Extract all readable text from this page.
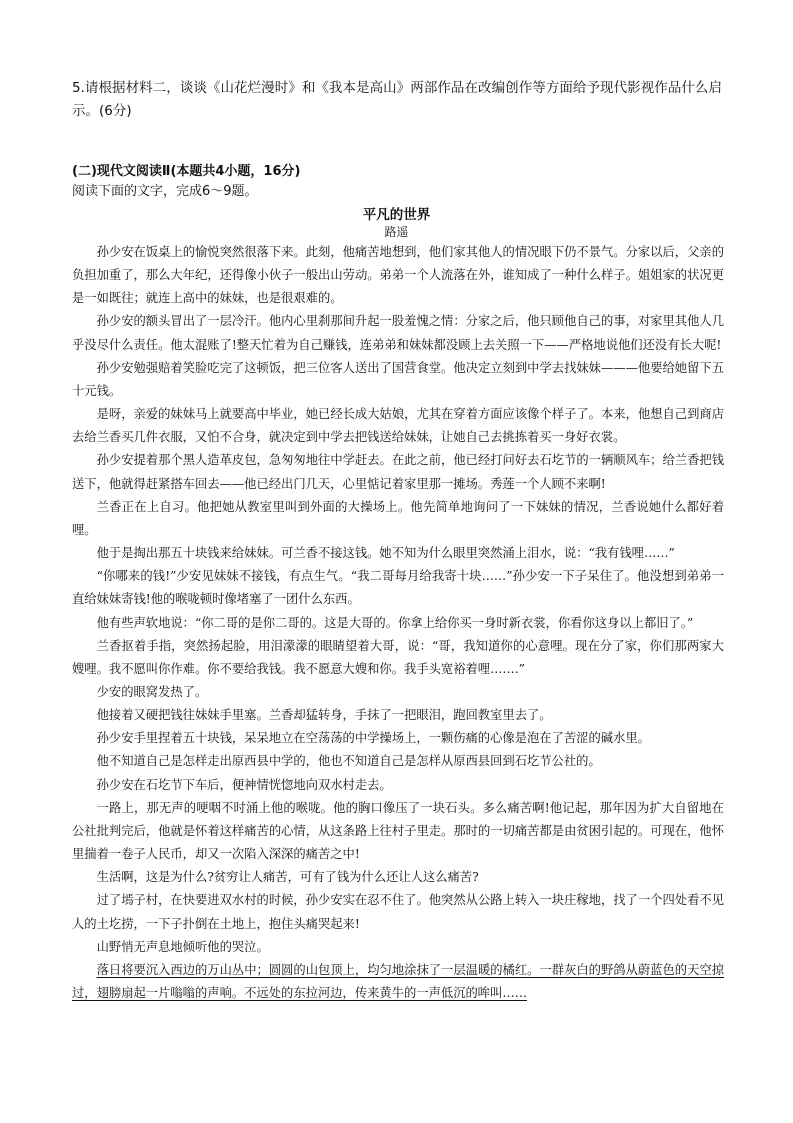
5.请根据材料二，谈谈《山花烂漫时》和《我本是高山》两部作品在改编创作等方面给予现代影视作品什么启示。(6分)
(二)现代文阅读Ⅱ(本题共4小题，16分)
阅读下面的文字，完成6～9题。
平凡的世界
路遥

孙少安在饭桌上的愉悦突然很落下来。此刻，他痛苦地想到，他们家其他人的情况眼下仍不景气。分家以后，父亲的负担加重了，那么大年纪，还得像小伙子一般出山劳动。弟弟一个人流落在外，谁知成了一种什么样子。姐姐家的状况更是一如既往；就连上高中的妹妹，也是很艰难的。

孙少安的额头冒出了一层冷汗。他内心里刹那间升起一股羞愧之情：分家之后，他只顾他自己的事，对家里其他人几乎没尽什么责任。他太混账了!整天忙着为自己赚钱，连弟弟和妹妹都没顾上去关照一下——严格地说他们还没有长大呢!

孙少安勉强赔着笑脸吃完了这顿饭，把三位客人送出了国营食堂。他决定立刻到中学去找妹妹———他要给她留下五十元钱。

是呀，亲爱的妹妹马上就要高中毕业，她已经长成大姑娘，尤其在穿着方面应该像个样子了。本来，他想自己到商店去给兰香买几件衣服，又怕不合身，就决定到中学去把钱送给妹妹，让她自己去挑拣着买一身好衣裳。

孙少安提着那个黑人造革皮包，急匆匆地往中学赶去。在此之前，他已经打问好去石圪节的一辆顺风车；给兰香把钱送下，他就得赶紧搭车回去——他已经出门几天，心里惦记着家里那一摊场。秀莲一个人顾不来啊!

兰香正在上自习。他把她从教室里叫到外面的大操场上。他先简单地询问了一下妹妹的情况，兰香说她什么都好着哩。

他于是掏出那五十块钱来给妹妹。可兰香不接这钱。她不知为什么眼里突然涌上泪水，说：“我有钱哩……”

“你哪来的钱!”少安见妹妹不接钱，有点生气。“我二哥每月给我寄十块……”孙少安一下子呆住了。他没想到弟弟一直给妹妹寄钱!他的喉咙顿时像堵塞了一团什么东西。

他有些声软地说：“你二哥的是你二哥的。这是大哥的。你拿上给你买一身时新衣裳，你看你这身以上都旧了。”

兰香抠着手指，突然扬起脸，用泪濛濛的眼睛望着大哥，说：“哥，我知道你的心意哩。现在分了家，你们那两家大嫂哩。我不愿叫你作难。你不要给我钱。我不愿意大嫂和你。我手头宽裕着哩…….”

少安的眼窝发热了。

他接着又硬把钱往妹妹手里塞。兰香却猛转身，手抹了一把眼泪，跑回教室里去了。

孙少安手里捏着五十块钱，呆呆地立在空荡荡的中学操场上，一颗伤痛的心像是泡在了苦涩的碱水里。

他不知道自己是怎样走出原西县中学的，他也不知道自己是怎样从原西县回到石圪节公社的。

孙少安在石圪节下车后，便神情恍惚地向双水村走去。

一路上，那无声的哽咽不时涌上他的喉咙。他的胸口像压了一块石头。多么痛苦啊!他记起，那年因为扩大自留地在公社批判完后，他就是怀着这样痛苦的心情，从这条路上往村子里走。那时的一切痛苦都是由贫困引起的。可现在，他怀里揣着一卷子人民币，却又一次陷入深深的痛苦之中!

生活啊，这是为什么?贫穷让人痛苦，可有了钱为什么还让人这么痛苦?

过了墕子村，在快要进双水村的时候，孙少安实在忍不住了。他突然从公路上转入一块庄稼地，找了一个四处看不见人的土圪捞，一下子扑倒在土地上，抱住头痛哭起来!

山野悄无声息地倾听他的哭泣。

落日将要沉入西边的万山丛中；圆圆的山包顶上，均匀地涂抹了一层温暖的橘红。一群灰白的野鸽从蔚蓝色的天空掠过，翅膀扇起一片嗡嗡的声响。不远处的东拉河边，传来黄牛的一声低沉的哞叫……
